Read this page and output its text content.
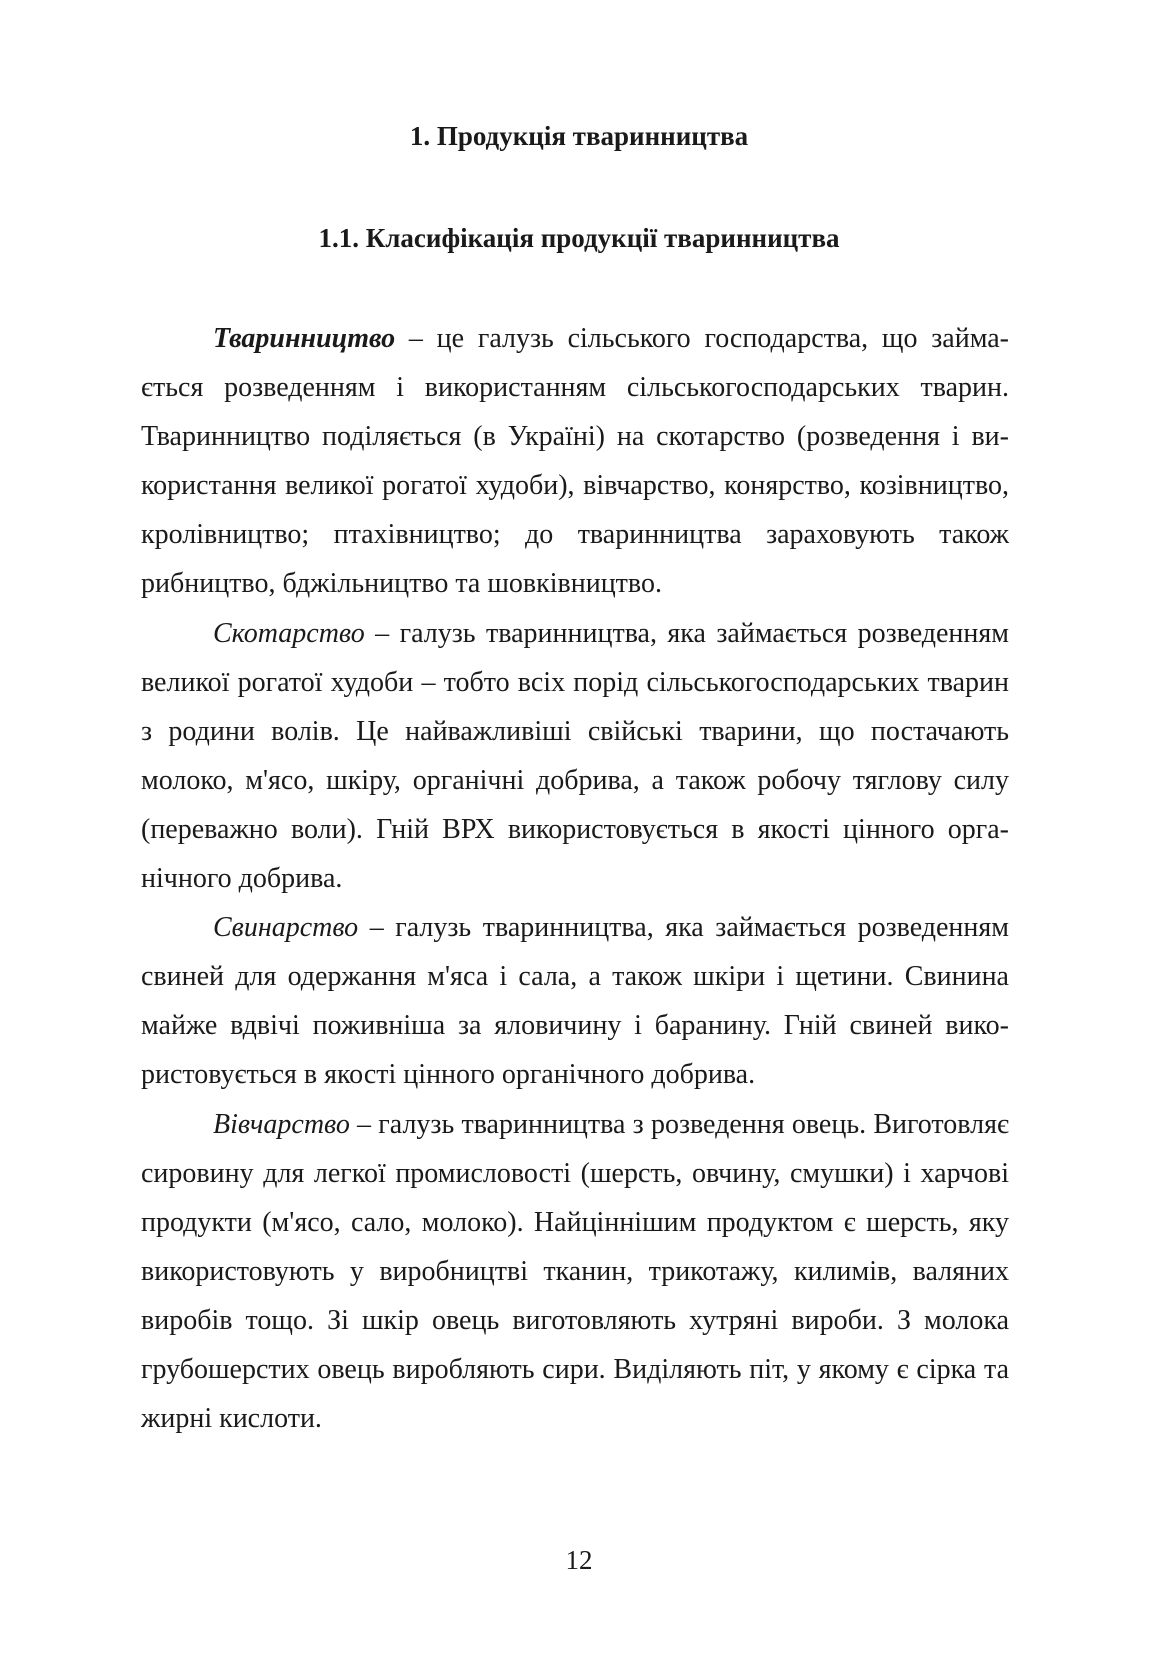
1. Продукція тваринництва
1.1. Класифікація продукції тваринництва

Тваринництво – це галузь сільського господарства, що займається розведенням і використанням сільськогосподарських тварин. Тваринництво поділяється (в Україні) на скотарство (розведення і використання великої рогатої худоби), вівчарство, конярство, козівництво, кролівництво; птахівництво; до тваринництва зараховують також рибництво, бджільництво та шовківництво.

Скотарство – галузь тваринництва, яка займається розведенням великої рогатої худоби – тобто всіх порід сільськогосподарських тварин з родини волів. Це найважливіші свійські тварини, що постачають молоко, м'ясо, шкіру, органічні добрива, а також робочу тяглову силу (переважно воли). Гній ВРХ використовується в якості цінного органічного добрива.

Свинарство – галузь тваринництва, яка займається розведенням свиней для одержання м'яса і сала, а також шкіри і щетини. Свинина майже вдвічі поживніша за яловичину і баранину. Гній свиней використовується в якості цінного органічного добрива.

Вівчарство – галузь тваринництва з розведення овець. Виготовляє сировину для легкої промисловості (шерсть, овчину, смушки) і харчові продукти (м'ясо, сало, молоко). Найціннішим продуктом є шерсть, яку використовують у виробництві тканин, трикотажу, килимів, валяних виробів тощо. Зі шкір овець виготовляють хутряні вироби. З молока грубошерстих овець виробляють сири. Виділяють піт, у якому є сірка та жирні кислоти.

12
